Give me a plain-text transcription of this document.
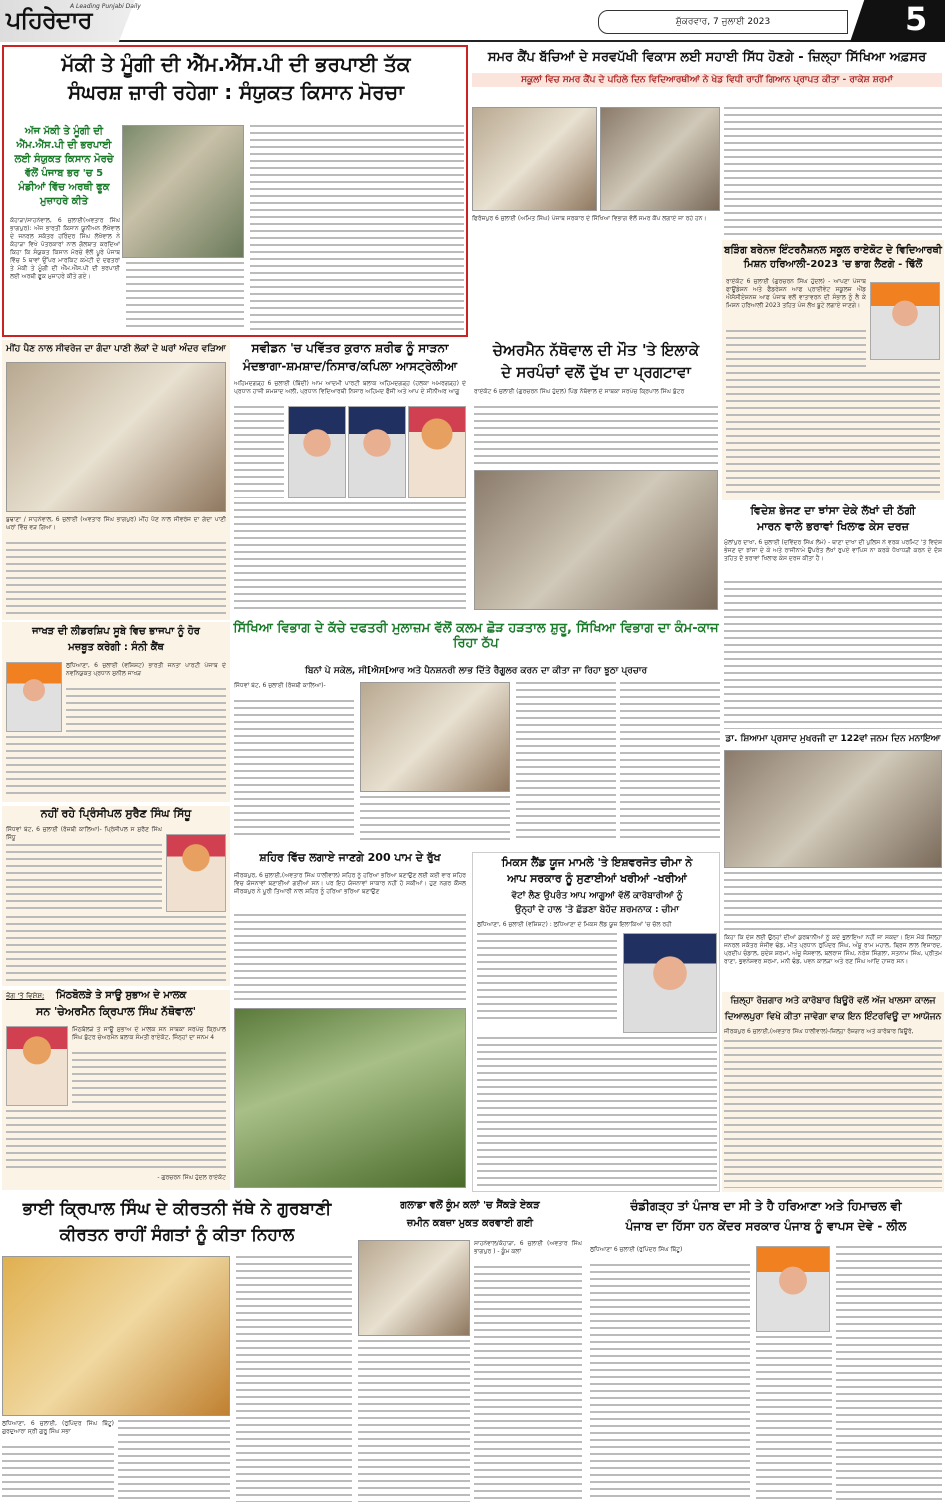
ਪਹਿਰੇਦਾਰ
A Leading Punjabi Daily
ਸ਼ੁੱਕਰਵਾਰ, 7 ਜੁਲਾਈ 2023	5
ਮੱਕੀ ਤੇ ਮੂੰਗੀ ਦੀ ਐੱਮ.ਐੱਸ.ਪੀ ਦੀ ਭਰਪਾਈ ਤੱਕ
ਸੰਘਰਸ਼ ਜ਼ਾਰੀ ਰਹੇਗਾ : ਸੰਯੁਕਤ ਕਿਸਾਨ ਮੋਰਚਾ
ਅੱਜ ਮੱਕੀ ਤੇ ਮੂੰਗੀ ਦੀ ਐੱਮ.ਐੱਸ.ਪੀ ਦੀ ਭਰਪਾਈ ਲਈ ਸੰਯੁਕਤ ਕਿਸਾਨ ਮੋਰਚੇ ਵੱਲੋਂ ਪੰਜਾਬ ਭਰ 'ਚ 5 ਮੰਡੀਆਂ ਵਿੱਚ ਅਰਥੀ ਫੂਕ ਮੁਜ਼ਾਹਰੇ ਕੀਤੇ
ਕੋਹਾੜਾ/ਸਾਹਨੇਵਾਲ, 6 ਜੁਲਾਈ(ਅਵਤਾਰ ਸਿੰਘ ਭਾਗਪੁਰ): ਅੱਜ ਭਾਰਤੀ ਕਿਸਾਨ ਯੂਨੀਅਨ ਲੱਖੋਵਾਲ ਦੇ ਜਨਰਲ ਸਕੱਤਰ ਹਰਿੰਦਰ ਸਿੰਘ ਲੱਖੋਵਾਲ ਨੇ ਕੋਹਾੜਾ ਵਿਖੇ ਪੱਤਰਕਾਰਾਂ ਨਾਲ ਗੱਲਬਾਤ ਕਰਦਿਆਂ ਕਿਹਾ ਕਿ ਸੰਯੁਕਤ ਕਿਸਾਨ ਮੋਰਚੇ ਵੱਲੋਂ ਪੂਰੇ ਪੰਜਾਬ ਵਿੱਚ 5 ਥਾਵਾਂ ਉੱਪਰ ਮਾਰਕਿਟ ਕਮੇਟੀ ਦੇ ਦਫਤਰਾਂ ਤੇ ਮੱਕੀ ਤੇ ਮੂੰਗੀ ਦੀ ਐੱਮ.ਐੱਸ.ਪੀ ਦੀ ਭਰਪਾਈ ਲਈ ਅਰਥੀ ਫੂਕ ਮੁਜ਼ਾਹਰੇ ਕੀਤੇ ਗਏ।
ਸਮਰ ਕੈਂਪ ਬੱਚਿਆਂ ਦੇ ਸਰਵਪੱਖੀ ਵਿਕਾਸ ਲਈ ਸਹਾਈ ਸਿੱਧ ਹੋਣਗੇ - ਜ਼ਿਲ੍ਹਾ ਸਿੱਖਿਆ ਅਫ਼ਸਰ
ਸਕੂਲਾਂ ਵਿਚ ਸਮਰ ਕੈਂਪ ਦੇ ਪਹਿਲੇ ਦਿਨ ਵਿਦਿਆਰਥੀਆਂ ਨੇ ਖੇਡ ਵਿਧੀ ਰਾਹੀਂ ਗਿਆਨ ਪ੍ਰਾਪਤ ਕੀਤਾ - ਰਾਕੇਸ਼ ਸ਼ਰਮਾਂ
ਫਿਰੋਜ਼ਪੁਰ 6 ਜੁਲਾਈ (ਅਮਿਤ ਸਿੰਘ) ਪੰਜਾਬ ਸਰਕਾਰ ਦੇ ਸਿੱਖਿਆ ਵਿਭਾਗ ਵੱਲੋਂ ਸਮਰ ਕੈਂਪ ਲਗਾਏ ਜਾ ਰਹੇ ਹਨ।
ਬੜਿੰਗ ਬਰੇਨਜ਼ ਇੰਟਰਨੈਸ਼ਨਲ ਸਕੂਲ ਰਾਏਕੋਟ ਦੇ ਵਿਦਿਆਰਥੀ ਮਿਸ਼ਨ ਹਰਿਆਲੀ-2023 'ਚ ਭਾਗ ਲੈਣਗੇ - ਢਿੱਲੋਂ
ਰਾਏਕੋਟ 6 ਜੁਲਾਈ (ਗੁਰਚਰਨ ਸਿੰਘ ਹੁੰਦਲ) - ਆਪਣਾ ਪੰਜਾਬ ਫਾਊਂਡੇਸ਼ਨ ਅਤੇ ਫੈਡਰੇਸ਼ਨ ਆਫ ਪ੍ਰਾਈਵੇਟ ਸਕੂਲਜ਼ ਐਂਡ ਐਸੋਸੀਏਸ਼ਨਜ਼ ਆਫ ਪੰਜਾਬ ਵਲੋਂ ਵਾਤਾਵਰਨ ਦੀ ਸੰਭਾਲ ਨੂੰ ਲੈ ਕੇ ਮਿਸ਼ਨ ਹਰਿਆਲੀ 2023 ਤਹਿਤ ਪੰਜ ਲੱਖ ਬੂਟੇ ਲਗਾਏ ਜਾਣਗੇ।
ਵਿਦੇਸ਼ ਭੇਜਣ ਦਾ ਝਾਂਸਾ ਦੇਕੇ ਲੱਖਾਂ ਦੀ ਠੱਗੀ
ਮਾਰਨ ਵਾਲੇ ਭਰਾਵਾਂ ਖਿਲਾਫ ਕੇਸ ਦਰਜ਼
ਮੁੱਲਾਂਪੁਰ ਦਾਖਾ, 6 ਜੁਲਾਈ (ਦਵਿੰਦਰ ਸਿੰਘ ਲੱਮੇ) - ਥਾਣਾ ਦਾਖਾ ਦੀ ਪੁਲਿਸ ਨੇ ਵਰਕ ਪਰਮਿਟ 'ਤੇ ਵਿਦੇਸ਼ ਭੇਜਣ ਦਾ ਝਾਂਸਾ ਦੇ ਕੇ ਅਤੇ ਰਾਜੀਨਾਮੇ ਉਪਰੰਤ ਲੱਖਾਂ ਰੁਪਏ ਵਾਪਿਸ ਨਾ ਕਰਕੇ ਧੋਖਾਧੜੀ ਕਰਨ ਦੇ ਦੋਸ਼ ਤਹਿਤ ਦੋ ਭਰਾਵਾਂ ਖਿਲਾਫ ਕੇਸ ਦਰਜ ਕੀਤਾ ਹੈ।
ਮੀਂਹ ਪੈਣ ਨਾਲ ਸੀਵਰੇਜ ਦਾ ਗੰਦਾ ਪਾਣੀ ਲੋਕਾਂ ਦੇ ਘਰਾਂ ਅੰਦਰ ਵੜਿਆ
ਬੁਢਾਣਾ / ਸਾਹਨੇਵਾਲ, 6 ਜੁਲਾਈ (ਅਵਤਾਰ ਸਿੰਘ ਭਾਗਪੁਰ) ਮੀਂਹ ਪੈਣ ਨਾਲ ਸੀਵਰੇਜ ਦਾ ਗੰਦਾ ਪਾਣੀ ਘਰਾਂ ਵਿੱਚ ਵੜ ਗਿਆ।
ਸਵੀਡਨ 'ਚ ਪਵਿੱਤਰ ਕੁਰਾਨ ਸ਼ਰੀਫ ਨੂੰ ਸਾੜਨਾ
ਮੰਦਭਾਗਾ-ਸ਼ਮਸ਼ਾਦ/ਨਿਸਾਰ/ਕਪਿਲਾ ਆਸਟ੍ਰੇਲੀਆ
ਅਹਿਮਦਗੜ੍ਹ 6 ਜੁਲਾਈ (ਬਿੰਦੀ) ਆਮ ਆਦਮੀ ਪਾਰਟੀ ਬਲਾਕ ਅਹਿਮਦਗੜ੍ਹ (ਹਲਕਾ ਅਮਰਗੜ੍ਹ) ਦੇ ਪ੍ਰਧਾਨ ਹਾਜੀ ਸ਼ਮਸ਼ਾਦ ਅਲੀ, ਪ੍ਰਧਾਨ ਵਿਦਿਆਰਥੀ ਨਿਸਾਰ ਅਹਿਮਦ ਫੌਜੀ ਅਤੇ ਆਪ ਦੇ ਸੀਨੀਅਰ ਆਗੂ
ਚੇਅਰਮੈਨ ਨੱਥੋਵਾਲ ਦੀ ਮੌਤ 'ਤੇ ਇਲਾਕੇ
ਦੇ ਸਰਪੰਚਾਂ ਵਲੋਂ ਦੁੱਖ ਦਾ ਪ੍ਰਗਟਾਵਾ
ਰਾਏਕੋਟ 6 ਜੁਲਾਈ (ਗੁਰਚਰਨ ਸਿੰਘ ਹੁੰਦਲ) ਪਿੰਡ ਨੱਥੋਵਾਲ ਦੇ ਸਾਬਕਾ ਸਰਪੰਚ ਕ੍ਰਿਪਾਲ ਸਿੰਘ ਬੁੱਟਰ
ਜਾਖੜ ਦੀ ਲੀਡਰਸ਼ਿਪ ਸੂਬੇ ਵਿਚ ਭਾਜਪਾ ਨੂੰ ਹੋਰ
ਮਜ਼ਬੂਤ ਕਰੇਗੀ : ਸੰਨੀ ਕੈਂਥ
ਲੁਧਿਆਣਾ, 6 ਜੁਲਾਈ (ਵਸ਼ਿਸ਼ਟ) ਭਾਰਤੀ ਜਨਤਾ ਪਾਰਟੀ ਪੰਜਾਬ ਦੇ ਨਵਨਿਯੁਕਤ ਪ੍ਰਧਾਨ ਸੁਨੀਲ ਜਾਖੜ
ਨਹੀਂ ਰਹੇ ਪ੍ਰਿੰਸੀਪਲ ਸੁਰੈਣ ਸਿੰਘ ਸਿੱਧੂ
ਸਿੱਧਵਾਂ ਬੇਟ, 6 ਜੁਲਾਈ (ਰੋਜ਼ਬੀ ਕਾਲਿਆ)- ਪ੍ਰਿੰਸੀਪਲ ਸ ਸੁਰੈਣ ਸਿੰਘ ਸਿੱਧੂ
ਭੋਗ 'ਤੇ ਵਿਸ਼ੇਸ਼;	ਮਿੱਠਬੋਲੜੇ ਤੇ ਸਾਊ ਸੁਭਾਅ ਦੇ ਮਾਲਕ
ਸਨ 'ਚੇਅਰਮੈਨ ਕ੍ਰਿਪਾਲ ਸਿੰਘ ਨੱਥੋਵਾਲ'
ਮਿੱਠਬੋਲੜੇ ਤੇ ਸਾਊ ਸੁਭਾਅ ਦੇ ਮਾਲਕ ਸਨ ਸਾਬਕਾ ਸਰਪੰਚ ਕ੍ਰਿਪਾਲ ਸਿੰਘ ਬੁੱਟਰ ਚੇਅਰਮੈਨ ਬਲਾਕ ਸੰਮਤੀ ਰਾਏਕੋਟ, ਜਿੰਨ੍ਹਾਂ ਦਾ ਜਨਮ 4
- ਗੁਰਚਰਨ ਸਿੰਘ ਹੁੰਦਲ ਰਾਏਕੋਟ
ਸਿੱਖਿਆ ਵਿਭਾਗ ਦੇ ਕੱਚੇ ਦਫਤਰੀ ਮੁਲਾਜ਼ਮ ਵੱਲੋਂ ਕਲਮ ਛੋੜ ਹੜਤਾਲ ਸ਼ੁਰੂ, ਸਿੱਖਿਆ ਵਿਭਾਗ ਦਾ ਕੰਮ-ਕਾਜ ਰਿਹਾ ਠੱਪ
ਬਿਨਾਂ ਪੇ ਸਕੇਲ, ਸੀ[ਐਸ[ਆਰ ਅਤੇ ਪੈਨਸ਼ਨਰੀ ਲਾਭ ਦਿੱਤੇ ਰੈਗੂਲਰ ਕਰਨ ਦਾ ਕੀਤਾ ਜਾ ਰਿਹਾ ਝੂਠਾ ਪ੍ਰਚਾਰ
ਸਿੱਧਵਾਂ ਬੇਟ, 6 ਜੁਲਾਈ (ਰੋਜ਼ਬੀ ਕਾਲਿਆ)-
ਸ਼ਹਿਰ ਵਿੱਚ ਲਗਾਏ ਜਾਣਗੇ 200 ਪਾਮ ਦੇ ਰੁੱਖ
ਜੀਰਕਪੁਰ, 6 ਜੁਲਾਈ,(ਅਵਤਾਰ ਸਿੰਘ ਧਾਲੀਵਾਲ) ਸ਼ਹਿਰ ਨੂੰ ਹਰਿਆ ਭਰਿਆ ਬਣਾਉਣ ਲਈ ਕਈ ਵਾਰ ਸ਼ਹਿਰ ਵਿਚ ਯੋਜਨਾਵਾਂ ਬਣਾਈਆਂ ਗਈਆਂ ਸਨ। ਪਰ ਇਹ ਯੋਜਨਾਵਾਂ ਸਾਕਾਰ ਨਹੀਂ ਹੋ ਸਕੀਆਂ। ਹੁਣ ਨਗਰ ਕੌਂਸਲ ਜ਼ੀਰਕਪੁਰ ਨੇ ਪੂਰੀ ਤਿਆਰੀ ਨਾਲ ਸ਼ਹਿਰ ਨੂੰ ਹਰਿਆ ਭਰਿਆ ਬਣਾਉਣ
ਮਿਕਸ ਲੈਂਡ ਯੂਜ ਮਾਮਲੇ 'ਤੇ ਇਸ਼ਵਰਜੋਤ ਚੀਮਾ ਨੇ
ਆਪ ਸਰਕਾਰ ਨੂੰ ਸੁਣਾਈਆਂ ਖਰੀਆਂ -ਖਰੀਆਂ
ਵੋਟਾਂ ਲੈਣ ਉਪਰੰਤ ਆਪ ਆਗੂਆਂ ਵੱਲੋਂ ਕਾਰੋਬਾਰੀਆਂ ਨੂੰ
ਉਨ੍ਹਾਂ ਦੇ ਹਾਲ 'ਤੇ ਛੱਡਣਾ ਬੇਹੱਦ ਸ਼ਰਮਨਾਕ : ਚੀਮਾ
ਲੁਧਿਆਣਾ, 6 ਜੁਲਾਈ (ਵਸ਼ਿਸ਼ਟ) : ਲੁਧਿਆਣਾ ਦੇ ਮਿਕਸ ਲੈਂਡ ਯੂਜ਼ ਇਲਾਕਿਆਂ 'ਚ ਚੱਲ ਰਹੀ
ਡਾ. ਸ਼ਿਆਮਾ ਪ੍ਰਸਾਦ ਮੁਖਰਜੀ ਦਾ 122ਵਾਂ ਜਨਮ ਦਿਨ ਮਨਾਇਆ
ਕਿਹਾ ਕਿ ਦੇਸ਼ ਲਈ ਉਨ੍ਹਾਂ ਦੀਆਂ ਕੁਰਬਾਨੀਆਂ ਨੂੰ ਕਦੇ ਭੁਲਾਇਆ ਨਹੀਂ ਜਾ ਸਕਦਾ। ਇਸ ਮੌਕੇ ਜ਼ਿਲ੍ਹਾ ਜਨਰਲ ਸਕੱਤਰ ਸੰਜੀਵ ਢੰਡ, ਮੀਤ ਪ੍ਰਧਾਨ ਰੁਪਿੰਦਰ ਸਿੰਘ, ਅੰਸ਼ੂ ਰਾਮ ਮਹਾਲ, ਬ੍ਰਿਜ ਲਾਲ ਵਿਸ਼ਾਰਦ, ਪ੍ਰਦੀਪ ਚੰਡਾਲ, ਸੁਦੇਸ਼ ਸ਼ਰਮਾਂ, ਅੰਜੂ ਜੋਸ਼ਵਾਲ, ਬਲਰਾਜ ਸਿੰਘ, ਨਰੇਸ਼ ਸਿੰਗਲਾ, ਸਤਨਾਮ ਸਿੰਘ, ਪ੍ਰੀਤਮ ਰਾਣਾ, ਭੁਵਨੇਸ਼ਵਰ ਸ਼ਰਮਾ, ਮਨੀ ਢੰਡ, ਪਵਨ ਕਾਲੜਾ ਅਤੇ ਰਣ ਸਿੰਘ ਆਦਿ ਹਾਜ਼ਰ ਸਨ।
ਜ਼ਿਲ੍ਹਾ ਰੋਜ਼ਗਾਰ ਅਤੇ ਕਾਰੋਬਾਰ ਬਿਊਰੋ ਵਲੋਂ ਅੱਜ ਖਾਲਸਾ ਕਾਲਜ
ਦਿਆਲਪੁਰਾ ਵਿਖੇ ਕੀਤਾ ਜਾਵੇਗਾ ਵਾਕ ਇਨ ਇੰਟਰਵਿਊ ਦਾ ਆਯੋਜਨ
ਜੀਰਕਪੁਰ 6 ਜੁਲਾਈ,(ਅਵਤਾਰ ਸਿੰਘ ਧਾਲੀਵਾਲ)-ਜ਼ਿਲ੍ਹਾ ਰੋਜ਼ਗਾਰ ਅਤੇ ਕਾਰੋਬਾਰ ਬਿਊਰੋ,
ਭਾਈ ਕ੍ਰਿਪਾਲ ਸਿੰਘ ਦੇ ਕੀਰਤਨੀ ਜੱਥੇ ਨੇ ਗੁਰਬਾਣੀ
ਕੀਰਤਨ ਰਾਹੀਂ ਸੰਗਤਾਂ ਨੂੰ ਕੀਤਾ ਨਿਹਾਲ
ਲੁਧਿਆਣਾ, 6 ਜੁਲਾਈ, (ਰੁਪਿੰਦਰ ਸਿੰਘ ਬਿੱਟੂ) ਗੁਰਦੁਆਰਾ ਸ੍ਰੀ ਗੁਰੂ ਸਿੰਘ ਸਭਾ
ਗਲਾਡਾ ਵਲੋਂ ਕੂੰਮ ਕਲਾਂ 'ਚ ਸੈਂਕੜੇ ਏਕੜ
ਜ਼ਮੀਨ ਕਬਜ਼ਾ ਮੁਕਤ ਕਰਵਾਈ ਗਈ
ਸਾਹਨੇਵਾਲ/ਕੋਹਾੜਾ, 6 ਜੁਲਾਈ (ਅਵਤਾਰ ਸਿੰਘ ਭਾਗਪੁਰ ) - ਕੂੰਮ ਕਲਾਂ
ਚੰਡੀਗੜ੍ਹ ਤਾਂ ਪੰਜਾਬ ਦਾ ਸੀ ਤੇ ਹੈ ਹਰਿਆਣਾ ਅਤੇ ਹਿਮਾਚਲ ਵੀ
ਪੰਜਾਬ ਦਾ ਹਿੱਸਾ ਹਨ ਕੇਂਦਰ ਸਰਕਾਰ ਪੰਜਾਬ ਨੂੰ ਵਾਪਸ ਦੇਵੇ - ਲੀਲ
ਲੁਧਿਆਣਾ 6 ਜੁਲਾਈ (ਰੁਪਿੰਦਰ ਸਿੰਘ ਬਿੱਟੂ)
